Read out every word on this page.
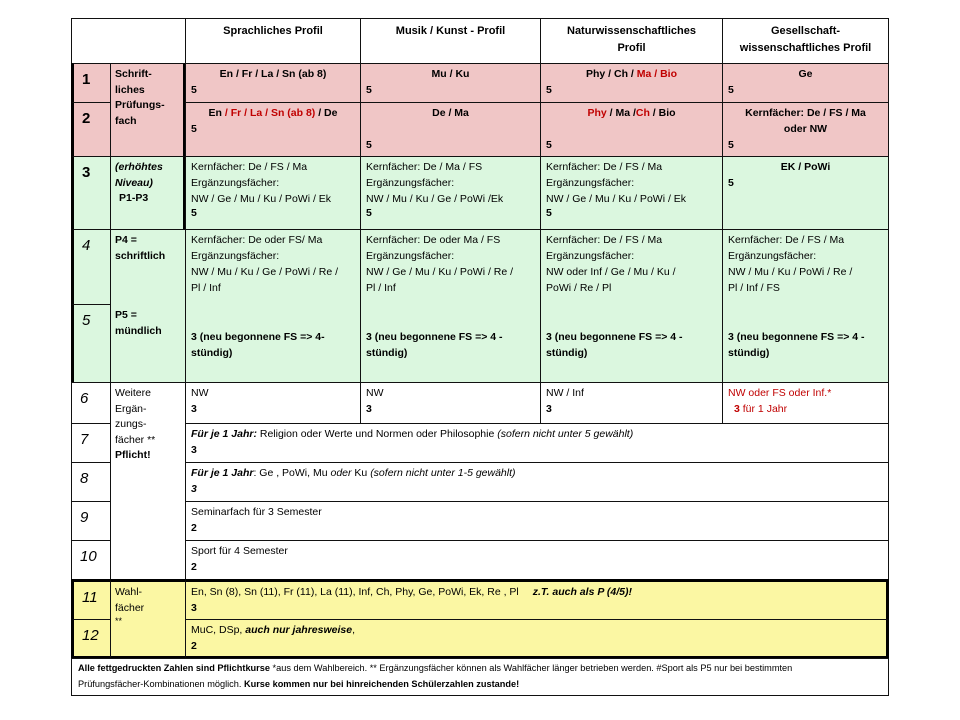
Sprachliches Profil	Musik / Kunst - Profil	Naturwissenschaftliches Profil
Gesellschaft-wissenschaftliches Profil
1
2
3
4
5
6
7
8
9
10
11
12
Schrift-liches Prüfungs-fach
(erhöhtes Niveau)
P1-P3
P4 = schriftlich
P5 = mündlich
Weitere Ergän-zungs-fächer **
Pflicht!
Wahl-fächer
**
En / Fr / La / Sn (ab 8)
5
Mu / Ku
5
Phy / Ch / Ma / Bio
5
Ge
5
En / Fr / La / Sn (ab 8) / De
5
De / Ma
5
Phy / Ma /Ch / Bio
5
Kernfächer: De / FS / Ma
oder NW
5
Kernfächer: De / FS / Ma
Ergänzungsfächer:
NW / Ge / Mu / Ku / PoWi / Ek
5
Kernfächer: De / Ma / FS
Ergänzungsfächer:
NW / Mu / Ku / Ge / PoWi /Ek
5
Kernfächer: De / FS / Ma
Ergänzungsfächer:
NW / Ge / Mu / Ku / PoWi / Ek
5
EK / PoWi
5
Kernfächer: De oder FS/ Ma
Ergänzungsfächer:
NW / Mu / Ku / Ge / PoWi / Re /
Pl / Inf
3 (neu begonnene FS => 4-
stündig)
Kernfächer: De oder Ma / FS
Ergänzungsfächer:
NW / Ge / Mu / Ku / PoWi / Re /
Pl / Inf
3 (neu begonnene FS => 4 -
stündig)
Kernfächer: De / FS / Ma
Ergänzungsfächer:
NW oder Inf / Ge / Mu / Ku /
PoWi / Re / Pl
3 (neu begonnene FS => 4 -
stündig)
Kernfächer: De / FS / Ma
Ergänzungsfächer:
NW / Mu / Ku / PoWi / Re /
Pl / Inf / FS
3 (neu begonnene FS => 4 -
stündig)
NW
3
NW
3
NW / Inf
3
NW oder FS oder Inf.*
3 für 1 Jahr
Für je 1 Jahr: Religion oder Werte und Normen oder Philosophie (sofern nicht unter 5 gewählt)
3
Für je 1 Jahr: Ge , PoWi, Mu oder Ku (sofern nicht unter 1-5 gewählt)
3
Seminarfach für 3 Semester
2
Sport für 4 Semester
2
En, Sn (8), Sn (11), Fr (11), La (11), Inf, Ch, Phy, Ge, PoWi, Ek, Re , Pl z.T. auch als P (4/5)!
3
MuC, DSp, auch nur jahresweise,
2
Alle fettgedruckten Zahlen sind Pflichtkurse *aus dem Wahlbereich. ** Ergänzungsfächer können als Wahlfächer länger betrieben werden. #Sport als P5 nur bei bestimmten
Prüfungsfächer-Kombinationen möglich. Kurse kommen nur bei hinreichenden Schülerzahlen zustande!
